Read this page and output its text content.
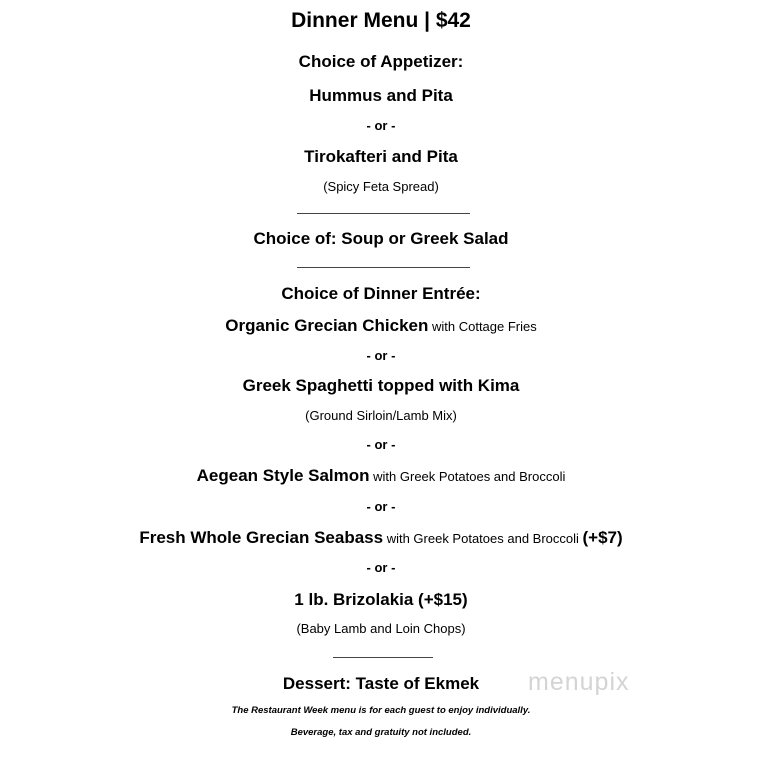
Dinner Menu | $42
Choice of Appetizer:
Hummus and Pita
- or -
Tirokafteri and Pita
(Spicy Feta Spread)
Choice of: Soup or Greek Salad
Choice of Dinner Entrée:
Organic Grecian Chicken with Cottage Fries
- or -
Greek Spaghetti topped with Kima
(Ground Sirloin/Lamb Mix)
- or -
Aegean Style Salmon with Greek Potatoes and Broccoli
- or -
Fresh Whole Grecian Seabass with Greek Potatoes and Broccoli (+$7)
- or -
1 lb. Brizolakia (+$15)
(Baby Lamb and Loin Chops)
Dessert: Taste of Ekmek
The Restaurant Week menu is for each guest to enjoy individually.
Beverage, tax and gratuity not included.
menupix
